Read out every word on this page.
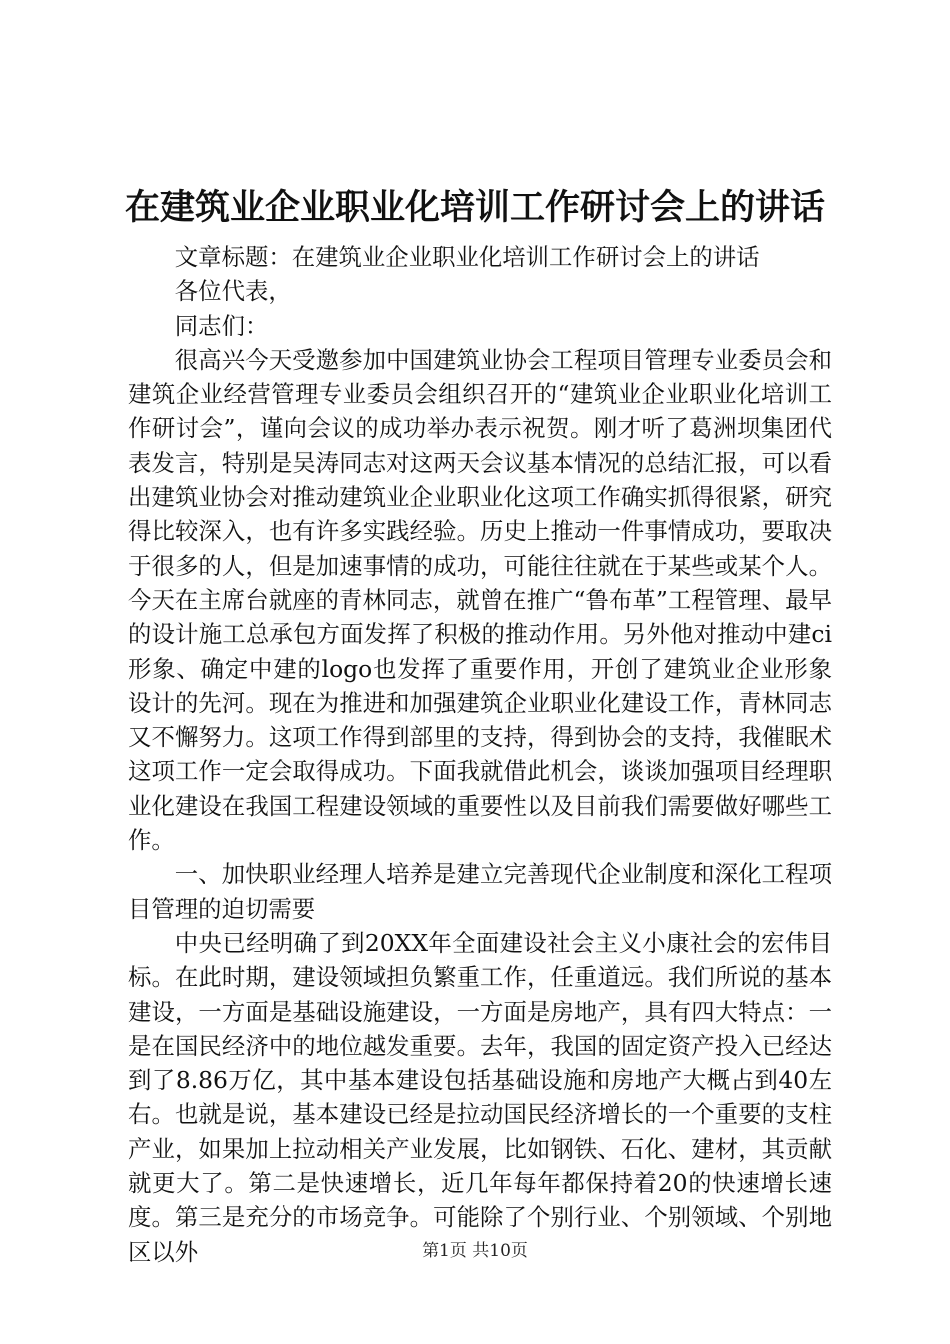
在建筑业企业职业化培训工作研讨会上的讲话

文章标题：在建筑业企业职业化培训工作研讨会上的讲话

各位代表，

同志们：

很高兴今天受邀参加中国建筑业协会工程项目管理专业委员会和建筑企业经营管理专业委员会组织召开的“建筑业企业职业化培训工作研讨会”，谨向会议的成功举办表示祝贺。刚才听了葛洲坝集团代表发言，特别是吴涛同志对这两天会议基本情况的总结汇报，可以看出建筑业协会对推动建筑业企业职业化这项工作确实抓得很紧，研究得比较深入，也有许多实践经验。历史上推动一件事情成功，要取决于很多的人，但是加速事情的成功，可能往往就在于某些或某个人。今天在主席台就座的青林同志，就曾在推广“鲁布革”工程管理、最早的设计施工总承包方面发挥了积极的推动作用。另外他对推动中建ci形象、确定中建的logo也发挥了重要作用，开创了建筑业企业形象设计的先河。现在为推进和加强建筑企业职业化建设工作，青林同志又不懈努力。这项工作得到部里的支持，得到协会的支持，我催眠术这项工作一定会取得成功。下面我就借此机会，谈谈加强项目经理职业化建设在我国工程建设领域的重要性以及目前我们需要做好哪些工作。

一、加快职业经理人培养是建立完善现代企业制度和深化工程项目管理的迫切需要

中央已经明确了到20XX年全面建设社会主义小康社会的宏伟目标。在此时期，建设领域担负繁重工作，任重道远。我们所说的基本建设，一方面是基础设施建设，一方面是房地产，具有四大特点：一是在国民经济中的地位越发重要。去年，我国的固定资产投入已经达到了8.86万亿，其中基本建设包括基础设施和房地产大概占到40左右。也就是说，基本建设已经是拉动国民经济增长的一个重要的支柱产业，如果加上拉动相关产业发展，比如钢铁、石化、建材，其贡献就更大了。第二是快速增长，近几年每年都保持着20的快速增长速度。第三是充分的市场竞争。可能除了个别行业、个别领域、个别地区以外	第1页 共10页
